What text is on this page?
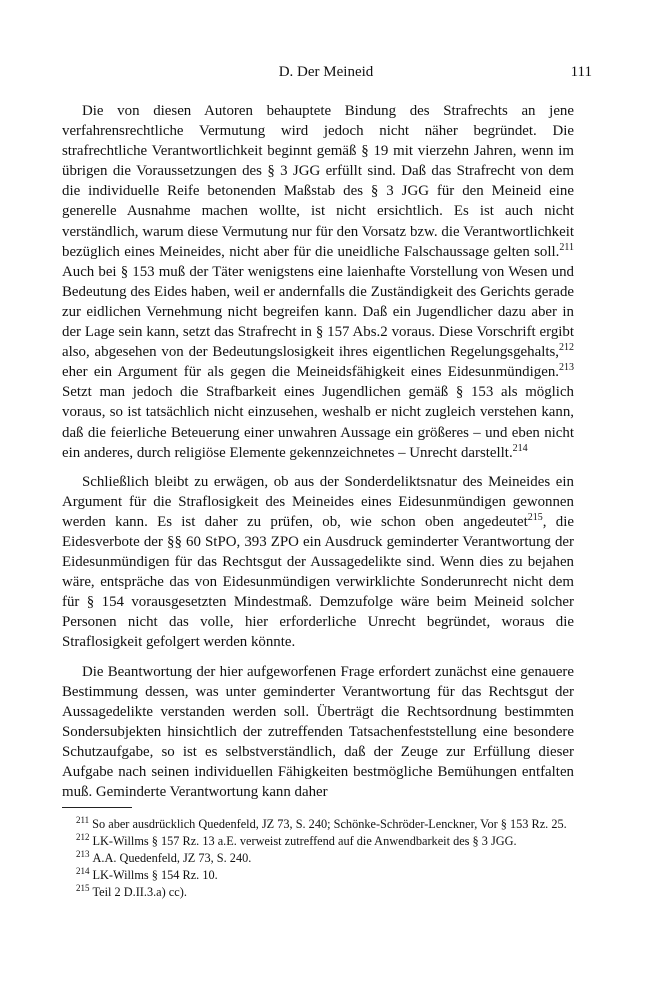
D. Der Meineid	111

Die von diesen Autoren behauptete Bindung des Strafrechts an jene verfahrensrechtliche Vermutung wird jedoch nicht näher begründet. Die strafrechtliche Verantwortlichkeit beginnt gemäß § 19 mit vierzehn Jahren, wenn im übrigen die Voraussetzungen des § 3 JGG erfüllt sind. Daß das Strafrecht von dem die individuelle Reife betonenden Maßstab des § 3 JGG für den Meineid eine generelle Ausnahme machen wollte, ist nicht ersichtlich. Es ist auch nicht verständlich, warum diese Vermutung nur für den Vorsatz bzw. die Verantwortlichkeit bezüglich eines Meineides, nicht aber für die uneidliche Falschaussage gelten soll.$^{211}$ Auch bei § 153 muß der Täter wenigstens eine laienhafte Vorstellung von Wesen und Bedeutung des Eides haben, weil er andernfalls die Zuständigkeit des Gerichts gerade zur eidlichen Vernehmung nicht begreifen kann. Daß ein Jugendlicher dazu aber in der Lage sein kann, setzt das Strafrecht in § 157 Abs.2 voraus. Diese Vorschrift ergibt also, abgesehen von der Bedeutungslosigkeit ihres eigentlichen Regelungsgehalts,$^{212}$ eher ein Argument für als gegen die Meineidsfähigkeit eines Eidesunmündigen.$^{213}$ Setzt man jedoch die Strafbarkeit eines Jugendlichen gemäß § 153 als möglich voraus, so ist tatsächlich nicht einzusehen, weshalb er nicht zugleich verstehen kann, daß die feierliche Beteuerung einer unwahren Aussage ein größeres – und eben nicht ein anderes, durch religiöse Elemente gekennzeichnetes – Unrecht darstellt.$^{214}$

Schließlich bleibt zu erwägen, ob aus der Sonderdeliktsnatur des Meineides ein Argument für die Straflosigkeit des Meineides eines Eidesunmündigen gewonnen werden kann. Es ist daher zu prüfen, ob, wie schon oben angedeutet$^{215}$, die Eidesverbote der §§ 60 StPO, 393 ZPO ein Ausdruck geminderter Verantwortung der Eidesunmündigen für das Rechtsgut der Aussagedelikte sind. Wenn dies zu bejahen wäre, entspräche das von Eidesunmündigen verwirklichte Sonderunrecht nicht dem für § 154 vorausgesetzten Mindestmaß. Demzufolge wäre beim Meineid solcher Personen nicht das volle, hier erforderliche Unrecht begründet, woraus die Straflosigkeit gefolgert werden könnte.

Die Beantwortung der hier aufgeworfenen Frage erfordert zunächst eine genauere Bestimmung dessen, was unter geminderter Verantwortung für das Rechtsgut der Aussagedelikte verstanden werden soll. Überträgt die Rechtsordnung bestimmten Sondersubjekten hinsichtlich der zutreffenden Tatsachenfeststellung eine besondere Schutzaufgabe, so ist es selbstverständlich, daß der Zeuge zur Erfüllung dieser Aufgabe nach seinen individuellen Fähigkeiten bestmögliche Bemühungen entfalten muß. Geminderte Verantwortung kann daher

$^{211}$ So aber ausdrücklich Quedenfeld, JZ 73, S. 240; Schönke-Schröder-Lenckner, Vor § 153 Rz. 25.

$^{212}$ LK-Willms § 157 Rz. 13 a.E. verweist zutreffend auf die Anwendbarkeit des § 3 JGG.

$^{213}$ A.A. Quedenfeld, JZ 73, S. 240.

$^{214}$ LK-Willms § 154 Rz. 10.

$^{215}$ Teil 2 D.II.3.a) cc).
